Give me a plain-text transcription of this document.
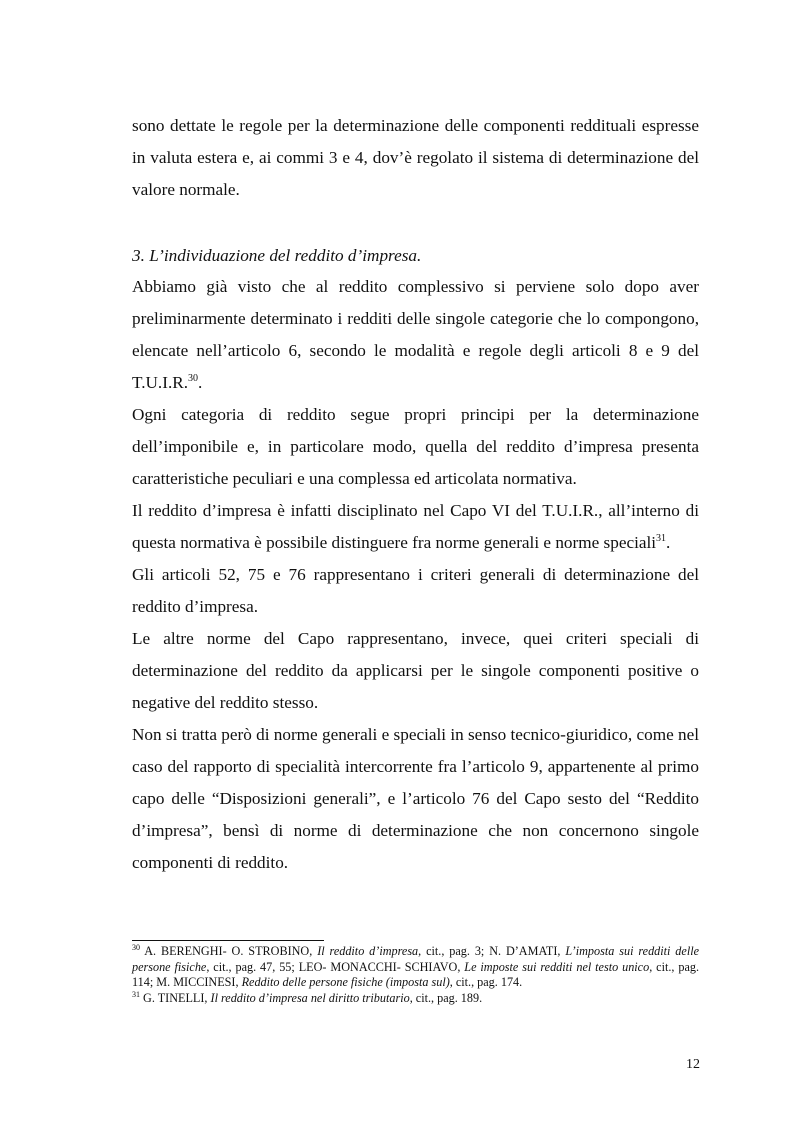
sono dettate le regole per la determinazione delle componenti reddituali espresse in valuta estera e, ai commi 3 e 4, dov’è regolato il sistema di determinazione del valore normale.

3. L’individuazione del reddito d’impresa.

Abbiamo già visto che al reddito complessivo si perviene solo dopo aver preliminarmente determinato i redditi delle singole categorie che lo compongono, elencate nell’articolo 6, secondo le modalità e regole degli articoli 8 e 9 del T.U.I.R.$^{30}$.

Ogni categoria di reddito segue propri principi per la determinazione dell’imponibile e, in particolare modo, quella del reddito d’impresa presenta caratteristiche peculiari e una complessa ed articolata normativa.

Il reddito d’impresa è infatti disciplinato nel Capo VI del T.U.I.R., all’interno di questa normativa è possibile distinguere fra norme generali e norme speciali$^{31}$.

Gli articoli 52, 75 e 76 rappresentano i criteri generali di determinazione del reddito d’impresa.

Le altre norme del Capo rappresentano, invece, quei criteri speciali di determinazione del reddito da applicarsi per le singole componenti positive o negative del reddito stesso.

Non si tratta però di norme generali e speciali in senso tecnico-giuridico, come nel caso del rapporto di specialità intercorrente fra l’articolo 9, appartenente al primo capo delle “Disposizioni generali”, e l’articolo 76 del Capo sesto del “Reddito d’impresa”, bensì di norme di determinazione che non concernono singole componenti di reddito.

$^{30}$ A. BERENGHI- O. STROBINO, Il reddito d’impresa, cit., pag. 3; N. D’AMATI, L’imposta sui redditi delle persone fisiche, cit., pag. 47, 55; LEO- MONACCHI- SCHIAVO, Le imposte sui redditi nel testo unico, cit., pag. 114; M. MICCINESI, Reddito delle persone fisiche (imposta sul), cit., pag. 174.

$^{31}$ G. TINELLI, Il reddito d’impresa nel diritto tributario, cit., pag. 189.

12
